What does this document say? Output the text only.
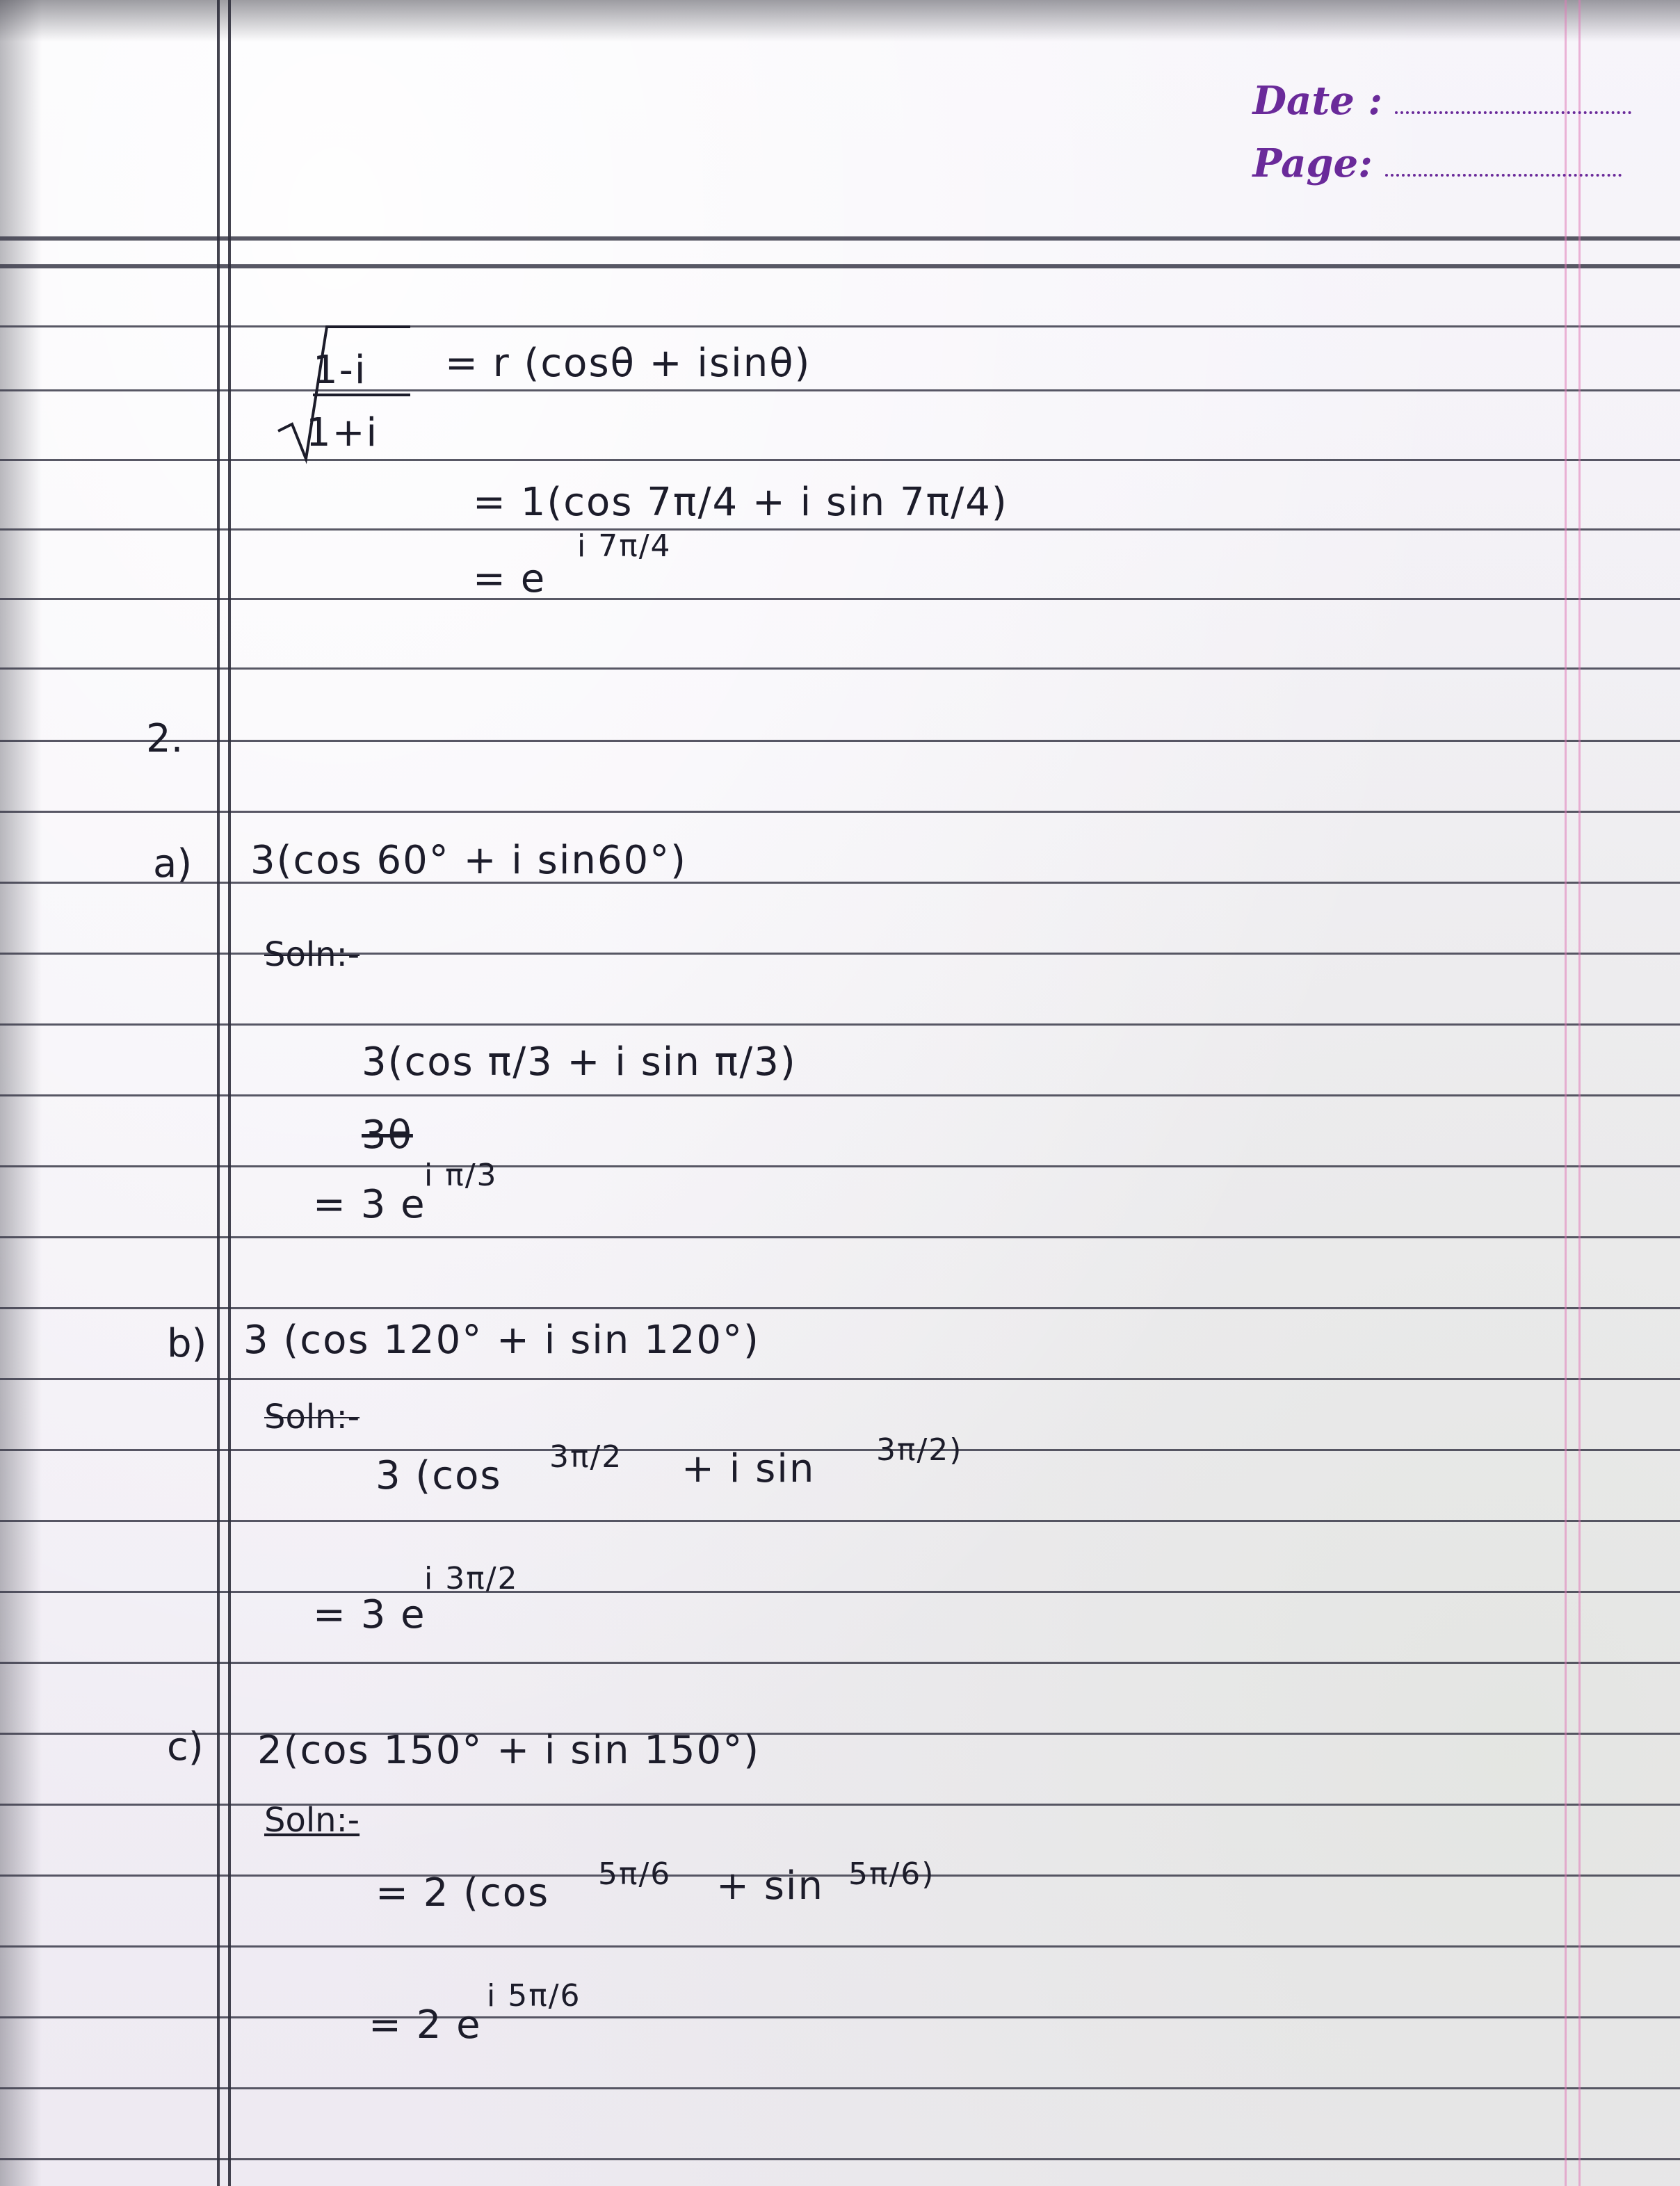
Date :
Page:
1-i
1+i
= r (cosθ + isinθ)
= 1(cos 7π/4 + i sin 7π/4)
= e
i 7π/4
2.
a) 3(cos 60° + i sin60°)
Soln:-
3(cos π/3 + i sin π/3)
3θ
= 3 e
i π/3
b) 3 (cos 120° + i sin 120°)
Soln:-
3 (cos 3π/2 + i sin 3π/2)
= 3 e
i 3π/2
c) 2(cos 150° + i sin 150°)
Soln:-
= 2 (cos 5π/6 + sin 5π/6)
= 2 e
i 5π/6
